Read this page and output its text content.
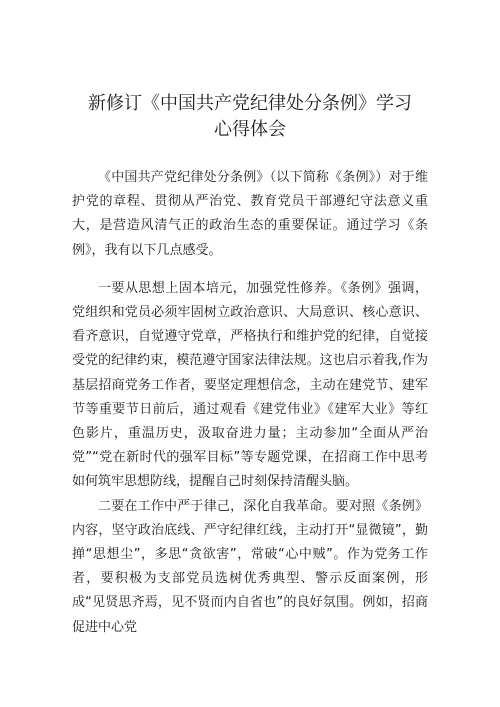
新修订《中国共产党纪律处分条例》学习
心得体会

《中国共产党纪律处分条例》（以下简称《条例》）对于维护党的章程、贯彻从严治党、教育党员干部遵纪守法意义重大，是营造风清气正的政治生态的重要保证。通过学习《条例》，我有以下几点感受。

一要从思想上固本培元，加强党性修养。《条例》强调，党组织和党员必须牢固树立政治意识、大局意识、核心意识、看齐意识，自觉遵守党章，严格执行和维护党的纪律，自觉接受党的纪律约束，模范遵守国家法律法规。这也启示着我,作为基层招商党务工作者，要坚定理想信念，主动在建党节、建军节等重要节日前后，通过观看《建党伟业》《建军大业》等红色影片，重温历史，汲取奋进力量；主动参加“全面从严治党”“党在新时代的强军目标”等专题党课，在招商工作中思考如何筑牢思想防线，提醒自己时刻保持清醒头脑。

二要在工作中严于律己，深化自我革命。要对照《条例》内容，坚守政治底线、严守纪律红线，主动打开“显微镜”，勤掸“思想尘”，多思“贪欲害”，常破“心中贼”。作为党务工作者，要积极为支部党员选树优秀典型、警示反面案例，形成“见贤思齐焉，见不贤而内自省也”的良好氛围。例如，招商促进中心党
